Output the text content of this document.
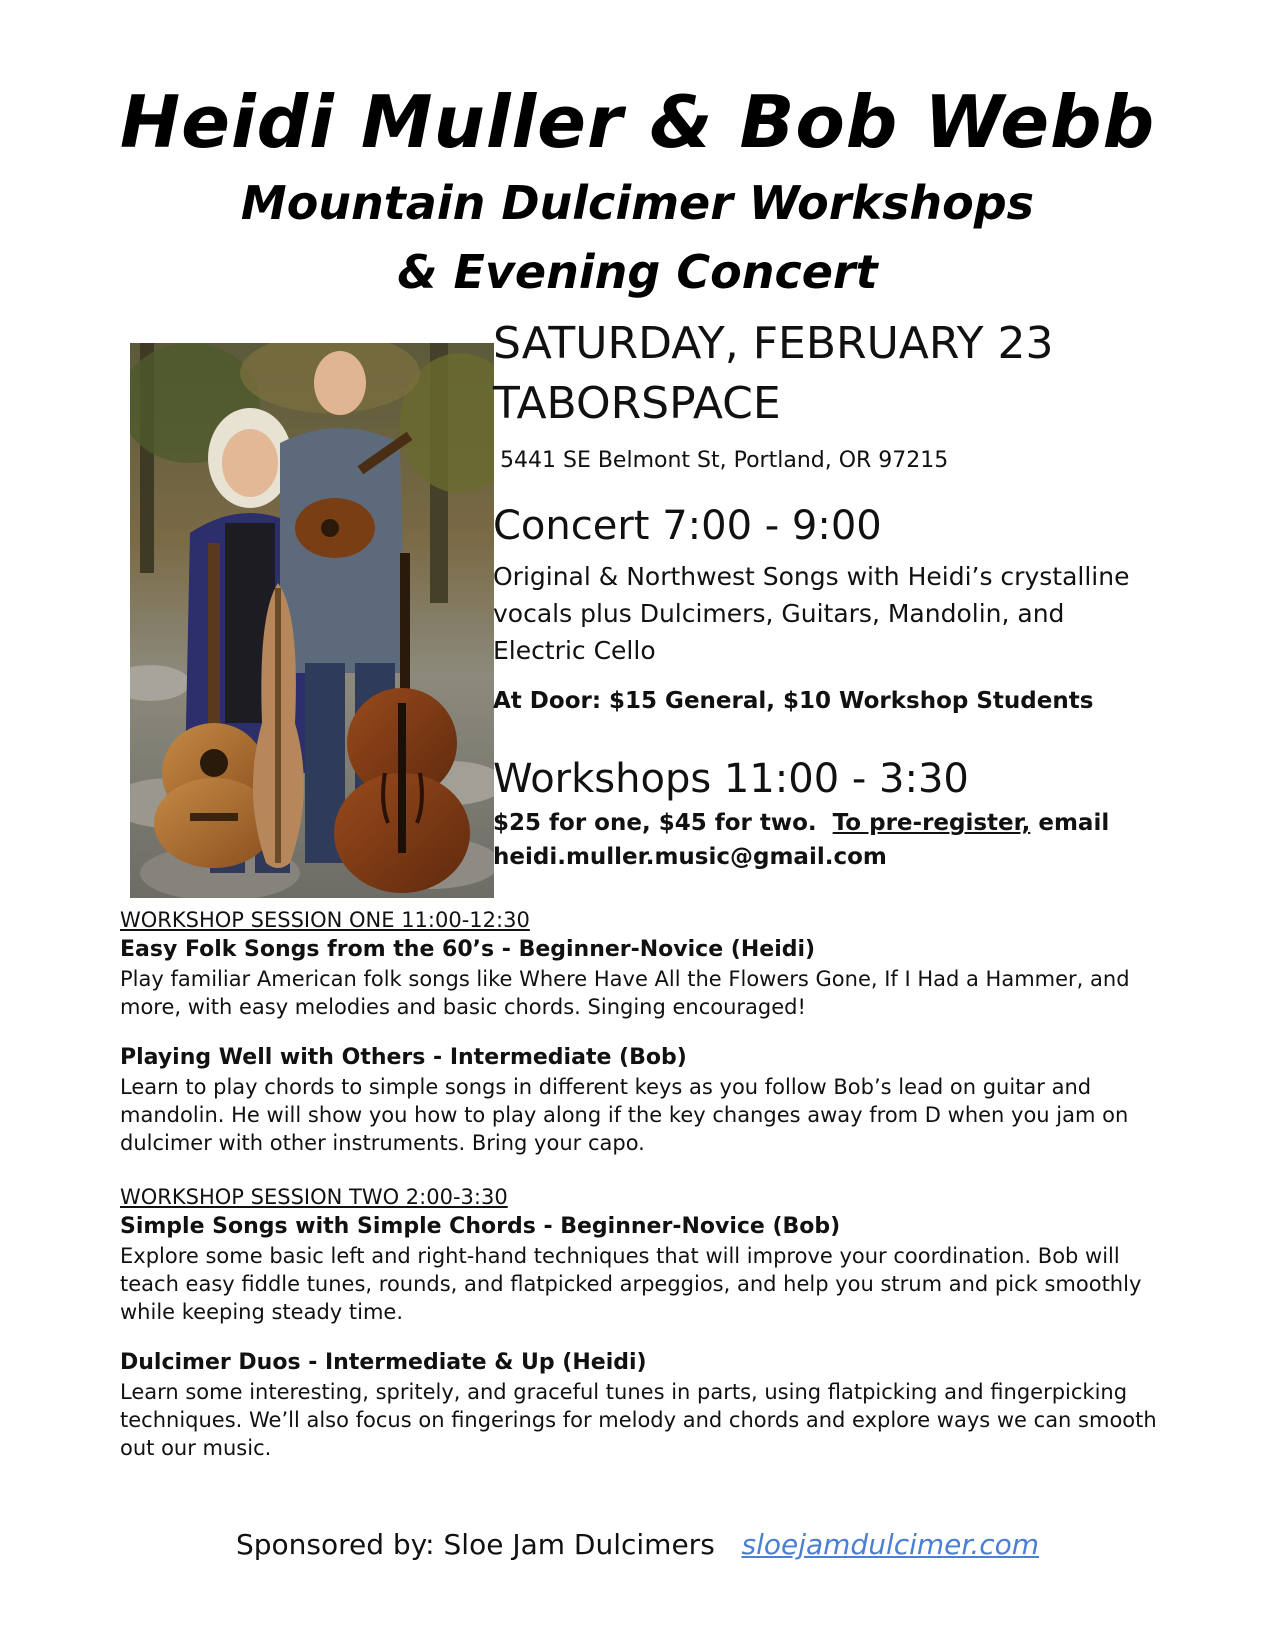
Heidi Muller & Bob Webb
Mountain Dulcimer Workshops
& Evening Concert
SATURDAY, FEBRUARY 23
TABORSPACE
5441 SE Belmont St, Portland, OR 97215
Concert 7:00 - 9:00
Original & Northwest Songs with Heidi’s crystalline vocals plus Dulcimers, Guitars, Mandolin, and Electric Cello
At Door: $15 General, $10 Workshop Students
Workshops 11:00 - 3:30
$25 for one, $45 for two. To pre-register, email
heidi.muller.music@gmail.com
WORKSHOP SESSION ONE 11:00-12:30
Easy Folk Songs from the 60’s - Beginner-Novice (Heidi)
Play familiar American folk songs like Where Have All the Flowers Gone, If I Had a Hammer, and more, with easy melodies and basic chords. Singing encouraged!
Playing Well with Others - Intermediate (Bob)
Learn to play chords to simple songs in different keys as you follow Bob’s lead on guitar and mandolin. He will show you how to play along if the key changes away from D when you jam on dulcimer with other instruments. Bring your capo.
WORKSHOP SESSION TWO 2:00-3:30
Simple Songs with Simple Chords - Beginner-Novice (Bob)
Explore some basic left and right-hand techniques that will improve your coordination. Bob will teach easy fiddle tunes, rounds, and flatpicked arpeggios, and help you strum and pick smoothly while keeping steady time.
Dulcimer Duos - Intermediate & Up (Heidi)
Learn some interesting, spritely, and graceful tunes in parts, using flatpicking and fingerpicking techniques. We’ll also focus on fingerings for melody and chords and explore ways we can smooth out our music.
Sponsored by: Sloe Jam Dulcimers sloejamdulcimer.com
